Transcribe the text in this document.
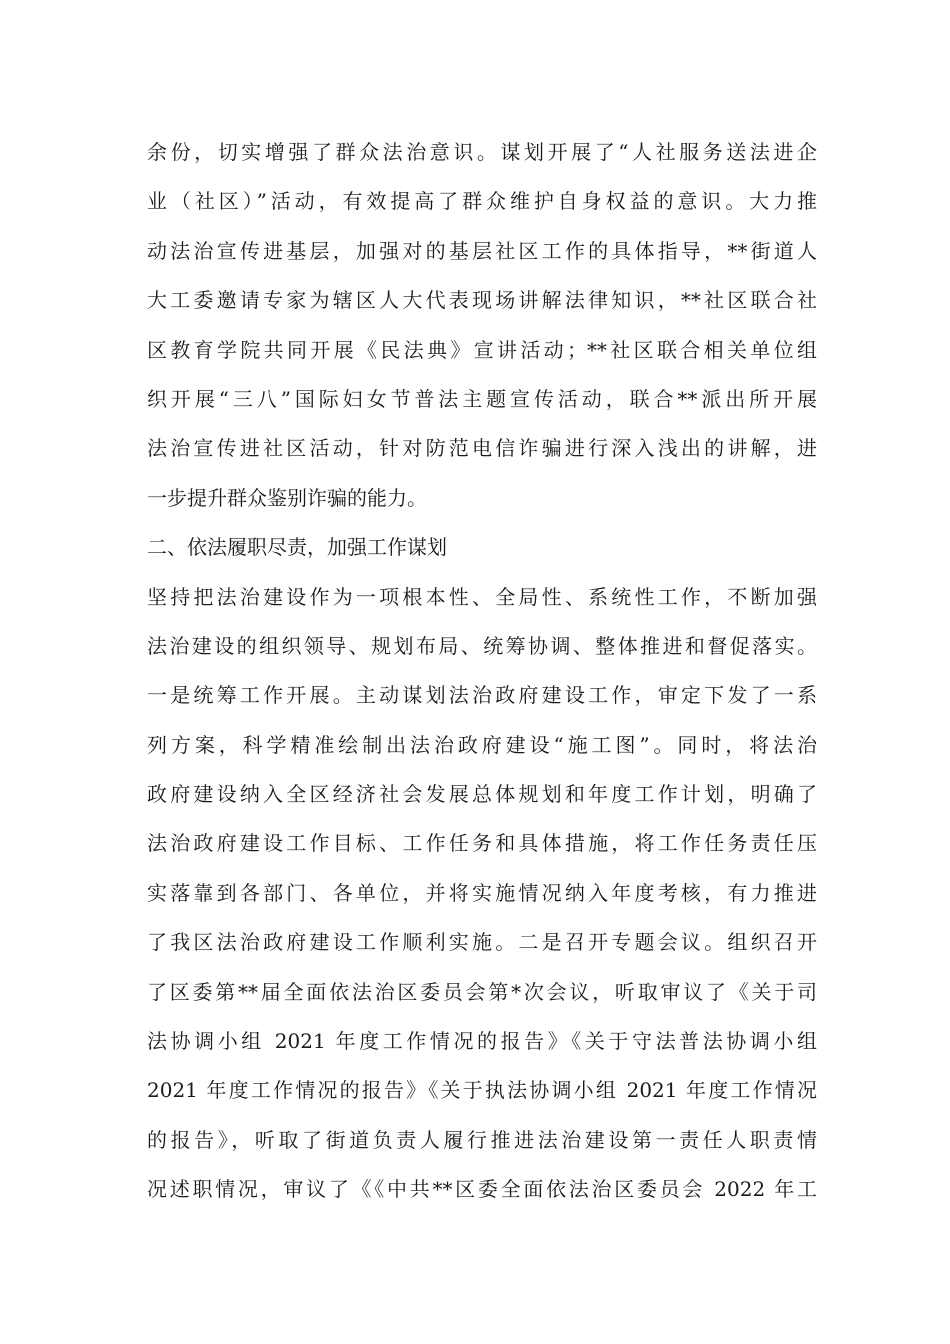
余份，切实增强了群众法治意识。谋划开展了“人社服务送法进企
业（社区）”活动，有效提高了群众维护自身权益的意识。大力推
动法治宣传进基层，加强对的基层社区工作的具体指导，**街道人
大工委邀请专家为辖区人大代表现场讲解法律知识，**社区联合社
区教育学院共同开展《民法典》宣讲活动；**社区联合相关单位组
织开展“三八”国际妇女节普法主题宣传活动，联合**派出所开展
法治宣传进社区活动，针对防范电信诈骗进行深入浅出的讲解，进
一步提升群众鉴别诈骗的能力。
二、依法履职尽责，加强工作谋划
坚持把法治建设作为一项根本性、全局性、系统性工作，不断加强
法治建设的组织领导、规划布局、统筹协调、整体推进和督促落实。
一是统筹工作开展。主动谋划法治政府建设工作，审定下发了一系
列方案，科学精准绘制出法治政府建设“施工图”。同时，将法治
政府建设纳入全区经济社会发展总体规划和年度工作计划，明确了
法治政府建设工作目标、工作任务和具体措施，将工作任务责任压
实落靠到各部门、各单位，并将实施情况纳入年度考核，有力推进
了我区法治政府建设工作顺利实施。二是召开专题会议。组织召开
了区委第**届全面依法治区委员会第*次会议，听取审议了《关于司
法协调小组 2021 年度工作情况的报告》《关于守法普法协调小组
2021 年度工作情况的报告》《关于执法协调小组 2021 年度工作情况
的报告》，听取了街道负责人履行推进法治建设第一责任人职责情
况述职情况，审议了《《中共**区委全面依法治区委员会 2022 年工
